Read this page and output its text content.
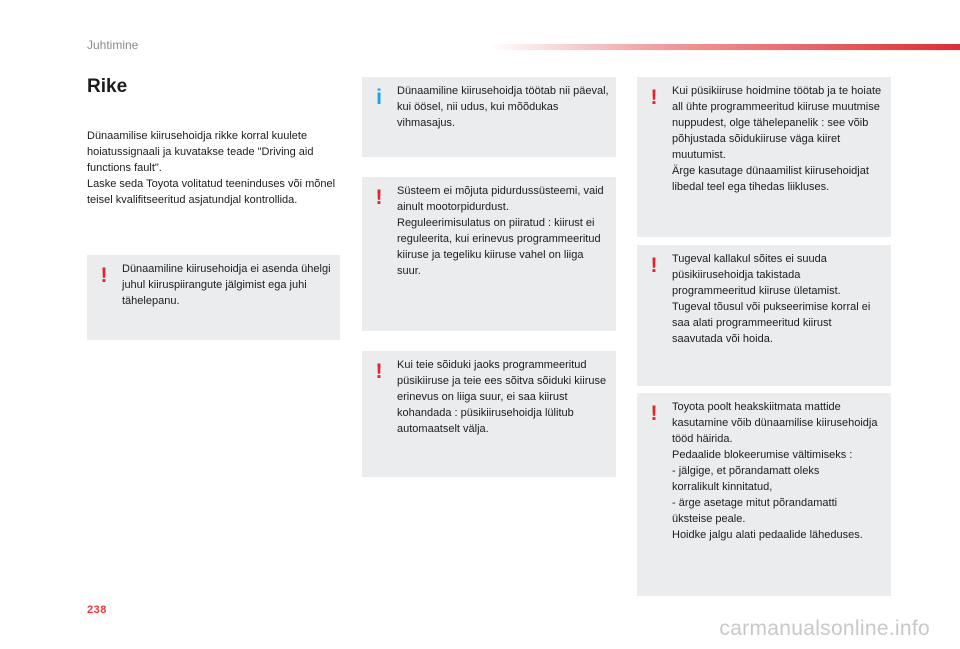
Juhtimine
Rike

Dünaamilise kiirusehoidja rikke korral kuulete hoiatussignaali ja kuvatakse teade "Driving aid functions fault".
Laske seda Toyota volitatud teeninduses või mõnel teisel kvalifitseeritud asjatundjal kontrollida.

! Dünaamiline kiirusehoidja ei asenda ühelgi juhul kiiruspiirangute jälgimist ega juhi tähelepanu.

i Dünaamiline kiirusehoidja töötab nii päeval, kui öösel, nii udus, kui mõõdukas vihmasajus.

! Süsteem ei mõjuta pidurdussüsteemi, vaid ainult mootorpidurdust.
Reguleerimisulatus on piiratud : kiirust ei reguleerita, kui erinevus programmeeritud kiiruse ja tegeliku kiiruse vahel on liiga suur.

! Kui teie sõiduki jaoks programmeeritud püsikiiruse ja teie ees sõitva sõiduki kiiruse erinevus on liiga suur, ei saa kiirust kohandada : püsikiirusehoidja lülitub automaatselt välja.

! Kui püsikiiruse hoidmine töötab ja te hoiate all ühte programmeeritud kiiruse muutmise nuppudest, olge tähelepanelik : see võib põhjustada sõidukiiruse väga kiiret muutumist.
Ärge kasutage dünaamilist kiirusehoidjat libedal teel ega tihedas liikluses.

! Tugeval kallakul sõites ei suuda püsikiirusehoidja takistada programmeeritud kiiruse ületamist.
Tugeval tõusul või pukseerimise korral ei saa alati programmeeritud kiirust saavutada või hoida.

! Toyota poolt heakskiitmata mattide kasutamine võib dünaamilise kiirusehoidja tööd häirida.
Pedaalide blokeerumise vältimiseks :
- jälgige, et põrandamatt oleks
korralikult kinnitatud,
- ärge asetage mitut põrandamatti
üksteise peale.
Hoidke jalgu alati pedaalide läheduses.

238
carmanualsonline.info
